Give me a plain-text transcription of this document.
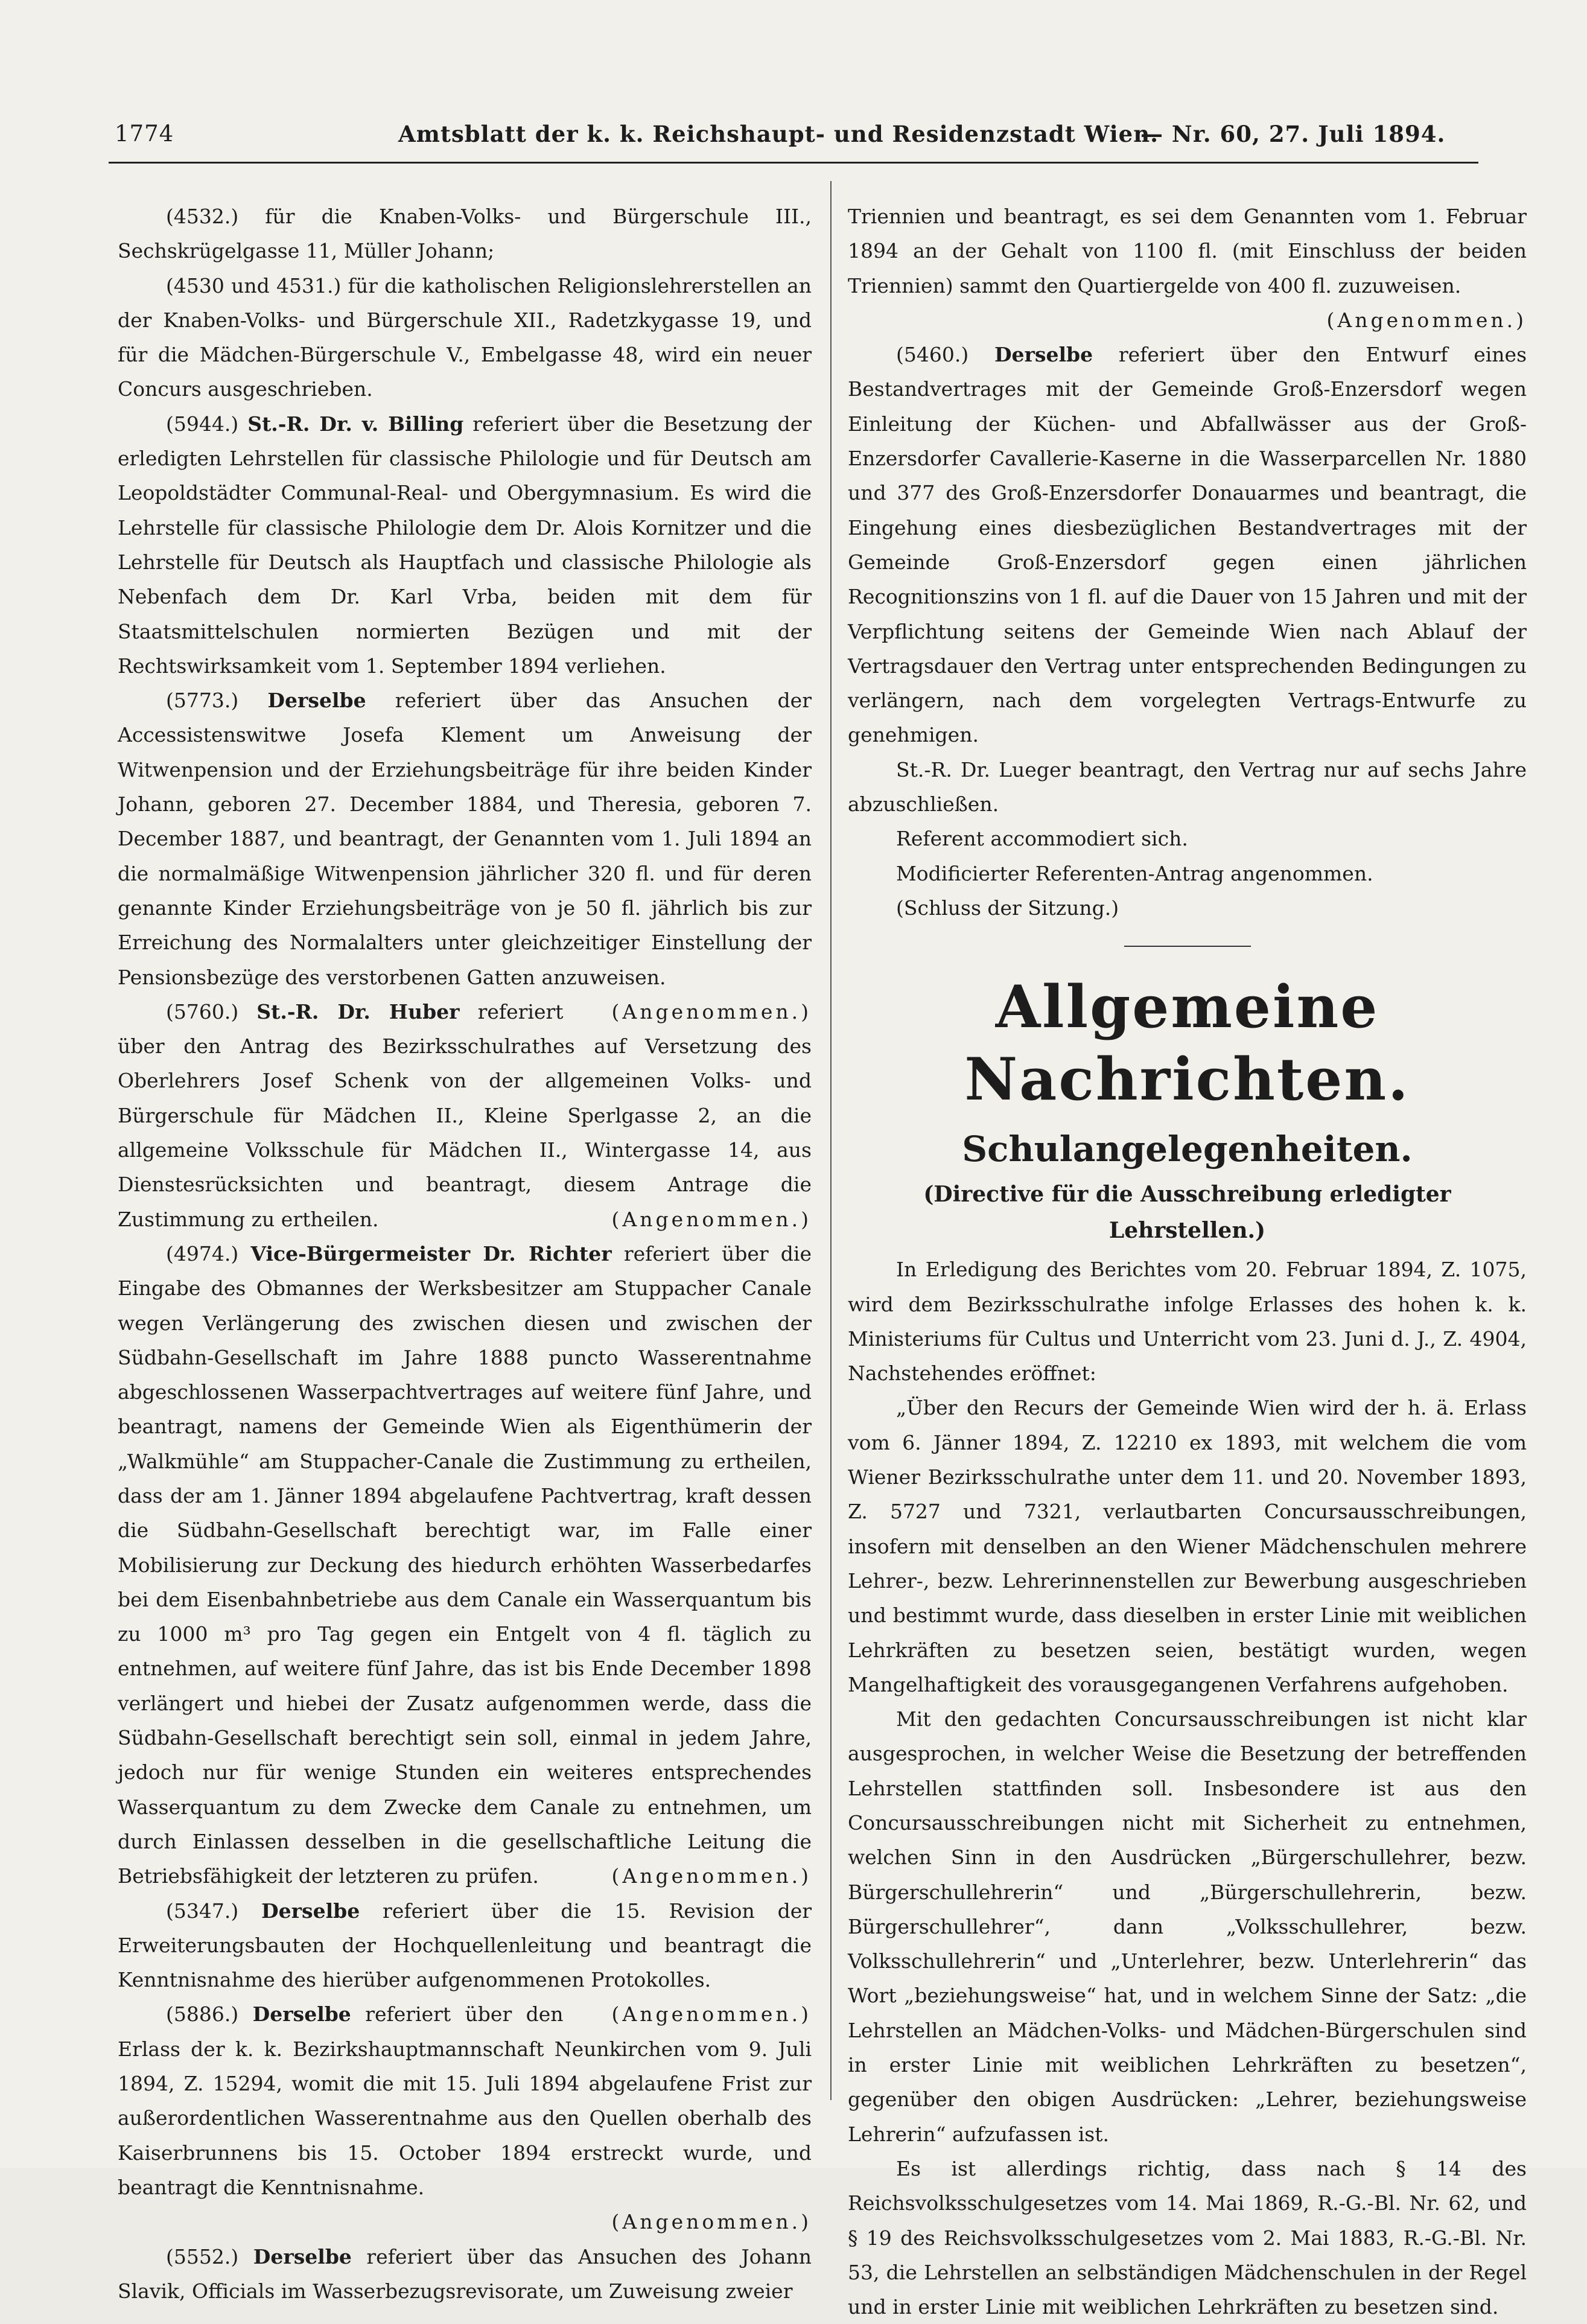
1774	Amtsblatt der k. k. Reichshaupt- und Residenzstadt Wien.
— Nr. 60, 27. Juli 1894.

(4532.) für die Knaben-Volks- und Bürgerschule III., Sechskrügelgasse 11, Müller Johann;

(4530 und 4531.) für die katholischen Religionslehrerstellen an der Knaben-Volks- und Bürgerschule XII., Radetzkygasse 19, und für die Mädchen-Bürgerschule V., Embelgasse 48, wird ein neuer Concurs ausgeschrieben.

(5944.) St.-R. Dr. v. Billing referiert über die Besetzung der erledigten Lehrstellen für classische Philologie und für Deutsch am Leopoldstädter Communal-Real- und Obergymnasium. Es wird die Lehrstelle für classische Philologie dem Dr. Alois Kornitzer und die Lehrstelle für Deutsch als Hauptfach und classische Philologie als Nebenfach dem Dr. Karl Vrba, beiden mit dem für Staatsmittelschulen normierten Bezügen und mit der Rechtswirksamkeit vom 1. September 1894 verliehen.

(5773.) Derselbe referiert über das Ansuchen der Accessistenswitwe Josefa Klement um Anweisung der Witwenpension und der Erziehungsbeiträge für ihre beiden Kinder Johann, geboren 27. December 1884, und Theresia, geboren 7. December 1887, und beantragt, der Genannten vom 1. Juli 1894 an die normalmäßige Witwenpension jährlicher 320 fl. und für deren genannte Kinder Erziehungsbeiträge von je 50 fl. jährlich bis zur Erreichung des Normalalters unter gleichzeitiger Einstellung der Pensionsbezüge des verstorbenen Gatten anzuweisen.
(Angenommen.)

(5760.) St.-R. Dr. Huber referiert über den Antrag des Bezirksschulrathes auf Versetzung des Oberlehrers Josef Schenk von der allgemeinen Volks- und Bürgerschule für Mädchen II., Kleine Sperlgasse 2, an die allgemeine Volksschule für Mädchen II., Wintergasse 14, aus Dienstesrücksichten und beantragt, diesem Antrage die Zustimmung zu ertheilen.	(Angenommen.)

(4974.) Vice-Bürgermeister Dr. Richter referiert über die Eingabe des Obmannes der Werksbesitzer am Stuppacher Canale wegen Verlängerung des zwischen diesen und zwischen der Südbahn-Gesellschaft im Jahre 1888 puncto Wasserentnahme abgeschlossenen Wasserpachtvertrages auf weitere fünf Jahre, und beantragt, namens der Gemeinde Wien als Eigenthümerin der „Walkmühle“ am Stuppacher-Canale die Zustimmung zu ertheilen, dass der am 1. Jänner 1894 abgelaufene Pachtvertrag, kraft dessen die Südbahn-Gesellschaft berechtigt war, im Falle einer Mobilisierung zur Deckung des hiedurch erhöhten Wasserbedarfes bei dem Eisenbahnbetriebe aus dem Canale ein Wasserquantum bis zu 1000 m³ pro Tag gegen ein Entgelt von 4 fl. täglich zu entnehmen, auf weitere fünf Jahre, das ist bis Ende December 1898 verlängert und hiebei der Zusatz aufgenommen werde, dass die Südbahn-Gesellschaft berechtigt sein soll, einmal in jedem Jahre, jedoch nur für wenige Stunden ein weiteres entsprechendes Wasserquantum zu dem Zwecke dem Canale zu entnehmen, um durch Einlassen desselben in die gesellschaftliche Leitung die Betriebsfähigkeit der letzteren zu prüfen.	(Angenommen.)

(5347.) Derselbe referiert über die 15. Revision der Erweiterungsbauten der Hochquellenleitung und beantragt die Kenntnisnahme des hierüber aufgenommenen Protokolles.
(Angenommen.)

(5886.) Derselbe referiert über den Erlass der k. k. Bezirkshauptmannschaft Neunkirchen vom 9. Juli 1894, Z. 15294, womit die mit 15. Juli 1894 abgelaufene Frist zur außerordentlichen Wasserentnahme aus den Quellen oberhalb des Kaiserbrunnens bis 15. October 1894 erstreckt wurde, und beantragt die Kenntnisnahme.

(Angenommen.)

(5552.) Derselbe referiert über das Ansuchen des Johann Slavik, Officials im Wasserbezugsrevisorate, um Zuweisung zweier

Triennien und beantragt, es sei dem Genannten vom 1. Februar 1894 an der Gehalt von 1100 fl. (mit Einschluss der beiden Triennien) sammt den Quartiergelde von 400 fl. zuzuweisen.

(Angenommen.)

(5460.) Derselbe referiert über den Entwurf eines Bestandvertrages mit der Gemeinde Groß-Enzersdorf wegen Einleitung der Küchen- und Abfallwässer aus der Groß-Enzersdorfer Cavallerie-Kaserne in die Wasserparcellen Nr. 1880 und 377 des Groß-Enzersdorfer Donauarmes und beantragt, die Eingehung eines diesbezüglichen Bestandvertrages mit der Gemeinde Groß-Enzersdorf gegen einen jährlichen Recognitionszins von 1 fl. auf die Dauer von 15 Jahren und mit der Verpflichtung seitens der Gemeinde Wien nach Ablauf der Vertragsdauer den Vertrag unter entsprechenden Bedingungen zu verlängern, nach dem vorgelegten Vertrags-Entwurfe zu genehmigen.

St.-R. Dr. Lueger beantragt, den Vertrag nur auf sechs Jahre abzuschließen.

Referent accommodiert sich.

Modificierter Referenten-Antrag angenommen.

(Schluss der Sitzung.)

Allgemeine Nachrichten.
Schulangelegenheiten.
(Directive für die Ausschreibung erledigter Lehrstellen.)

In Erledigung des Berichtes vom 20. Februar 1894, Z. 1075, wird dem Bezirksschulrathe infolge Erlasses des hohen k. k. Ministeriums für Cultus und Unterricht vom 23. Juni d. J., Z. 4904, Nachstehendes eröffnet:

„Über den Recurs der Gemeinde Wien wird der h. ä. Erlass vom 6. Jänner 1894, Z. 12210 ex 1893, mit welchem die vom Wiener Bezirksschulrathe unter dem 11. und 20. November 1893, Z. 5727 und 7321, verlautbarten Concursausschreibungen, insofern mit denselben an den Wiener Mädchenschulen mehrere Lehrer-, bezw. Lehrerinnenstellen zur Bewerbung ausgeschrieben und bestimmt wurde, dass dieselben in erster Linie mit weiblichen Lehrkräften zu besetzen seien, bestätigt wurden, wegen Mangelhaftigkeit des vorausgegangenen Verfahrens aufgehoben.

Mit den gedachten Concursausschreibungen ist nicht klar ausgesprochen, in welcher Weise die Besetzung der betreffenden Lehrstellen stattfinden soll. Insbesondere ist aus den Concursausschreibungen nicht mit Sicherheit zu entnehmen, welchen Sinn in den Ausdrücken „Bürgerschullehrer, bezw. Bürgerschullehrerin“ und „Bürgerschullehrerin, bezw. Bürgerschullehrer“, dann „Volksschullehrer, bezw. Volksschullehrerin“ und „Unterlehrer, bezw. Unterlehrerin“ das Wort „beziehungsweise“ hat, und in welchem Sinne der Satz: „die Lehrstellen an Mädchen-Volks- und Mädchen-Bürgerschulen sind in erster Linie mit weiblichen Lehrkräften zu besetzen“, gegenüber den obigen Ausdrücken: „Lehrer, beziehungsweise Lehrerin“ aufzufassen ist.

Es ist allerdings richtig, dass nach § 14 des Reichsvolksschulgesetzes vom 14. Mai 1869, R.-G.-Bl. Nr. 62, und § 19 des Reichsvolksschulgesetzes vom 2. Mai 1883, R.-G.-Bl. Nr. 53, die Lehrstellen an selbständigen Mädchenschulen in der Regel und in erster Linie mit weiblichen Lehrkräften zu besetzen sind.
